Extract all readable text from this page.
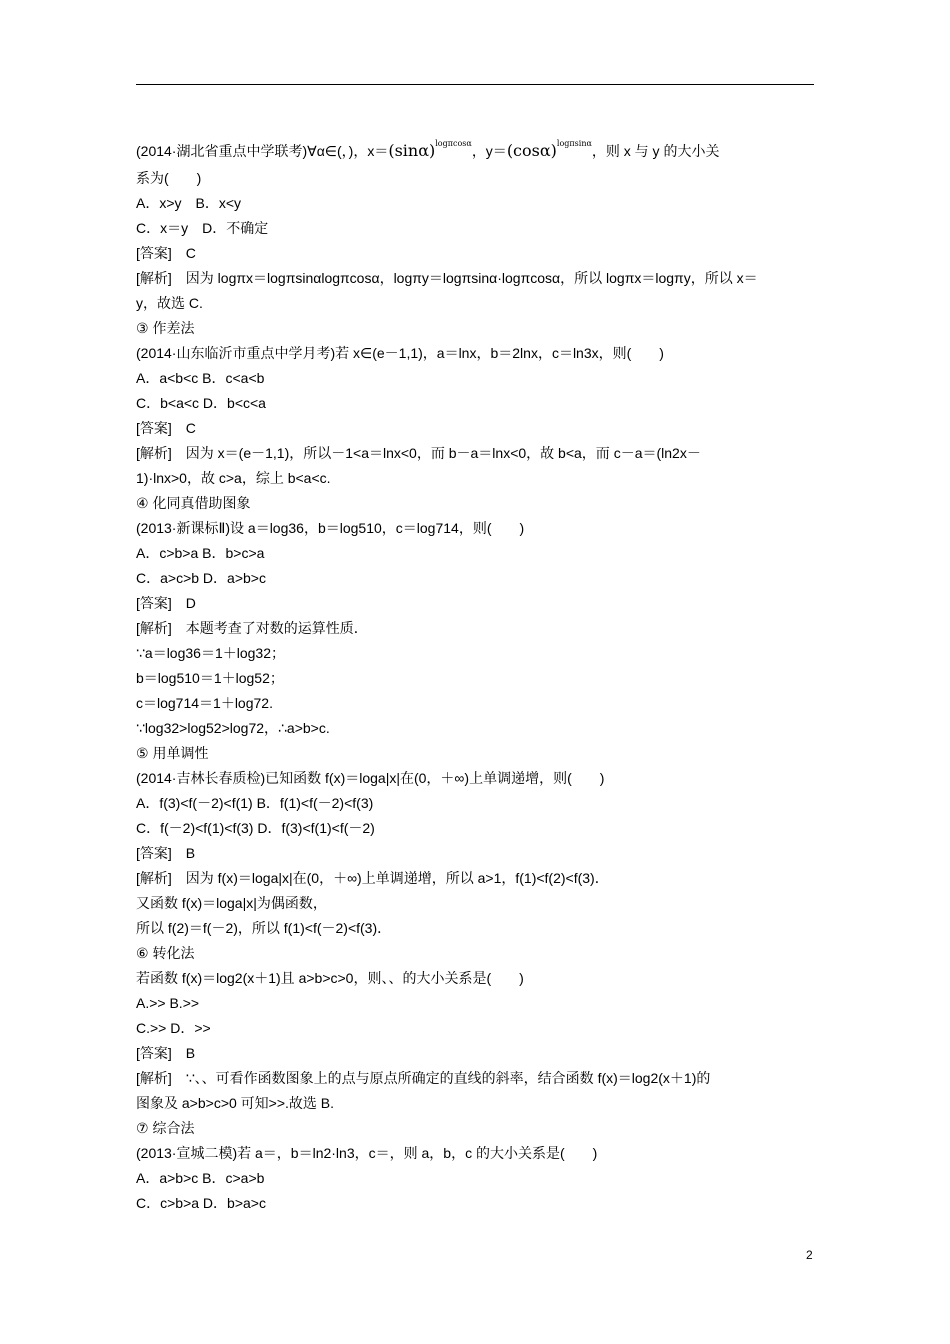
(2014·湖北省重点中学联考)∀α∈(，)，$x=(\sin\alpha)^{log\pi cos\alpha}$，$y=(\cos\alpha)^{log\pi sin\alpha}$，则 x 与 y 的大小关
系为(　　)
A．x>y　B．x<y
C．x＝y　D．不确定
[答案]　C
[解析]　因为 logπx＝logπsinαlogπcosα，logπy＝logπsinα·logπcosα，所以 logπx＝logπy，所以 x＝
y，故选 C.
③ 作差法
(2014·山东临沂市重点中学月考)若 x∈(e－1,1)，a＝lnx，b＝2lnx，c＝ln3x，则(　　)
A．a<b<c B．c<a<b
C．b<a<c D．b<c<a
[答案]　C
[解析]　因为 x＝(e－1,1)，所以－1<a＝lnx<0，而 b－a＝lnx<0，故 b<a，而 c－a＝(ln2x－
1)·lnx>0，故 c>a，综上 b<a<c.
④ 化同真借助图象
(2013·新课标Ⅱ)设 a＝log36，b＝log510，c＝log714，则(　　)
A．c>b>a B．b>c>a
C．a>c>b D．a>b>c
[答案]　D
[解析]　本题考查了对数的运算性质．
∵a＝log36＝1＋log32；
b＝log510＝1＋log52；
c＝log714＝1＋log72.
∵log32>log52>log72，∴a>b>c.
⑤ 用单调性
(2014·吉林长春质检)已知函数 f(x)＝loga|x|在(0，＋∞)上单调递增，则(　　)
A．f(3)<f(－2)<f(1) B．f(1)<f(－2)<f(3)
C．f(－2)<f(1)<f(3) D．f(3)<f(1)<f(－2)
[答案]　B
[解析]　因为 f(x)＝loga|x|在(0，＋∞)上单调递增，所以 a>1，f(1)<f(2)<f(3)．
又函数 f(x)＝loga|x|为偶函数，
所以 f(2)＝f(－2)，所以 f(1)<f(－2)<f(3)．
⑥ 转化法
若函数 f(x)＝log2(x＋1)且 a>b>c>0，则、、的大小关系是(　　)
A.>> B.>>
C.>> D．>>
[答案]　B
[解析]　∵、、可看作函数图象上的点与原点所确定的直线的斜率，结合函数 f(x)＝log2(x＋1)的
图象及 a>b>c>0 可知>>.故选 B.
⑦ 综合法
(2013·宣城二模)若 a＝，b＝ln2·ln3，c＝，则 a，b，c 的大小关系是(　　)
A．a>b>c B．c>a>b
C．c>b>a D．b>a>c
2
